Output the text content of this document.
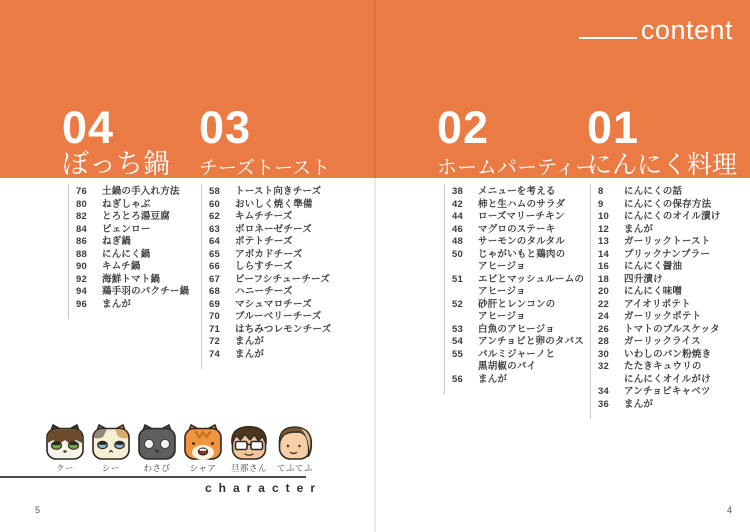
content
04
ぼっち鍋
03
チーズトースト
02
ホームパーティー
01
にんにく料理
76	土鍋の手入れ方法
80	ねぎしゃぶ
82	とろとろ湯豆腐
84	ピェンロー
86	ねぎ鍋
88	にんにく鍋
90	キムチ鍋
92	海鮮トマト鍋
94	鶏手羽のパクチー鍋
96	まんが
58	トースト向きチーズ
60	おいしく焼く準備
62	キムチチーズ
63	ボロネーゼチーズ
64	ポテトチーズ
65	アボカドチーズ
66	しらすチーズ
67	ビーフシチューチーズ
68	ハニーチーズ
69	マシュマロチーズ
70	ブルーベリーチーズ
71	はちみつレモンチーズ
72	まんが
74	まんが
38	メニューを考える
42	柿と生ハムのサラダ
44	ローズマリーチキン
46	マグロのステーキ
48	サーモンのタルタル
50	じゃがいもと鶏肉の
アヒージョ
51	エビとマッシュルームの
アヒージョ
52	砂肝とレンコンの
アヒージョ
53	白魚のアヒージョ
54	アンチョビと卵のタパス
55	パルミジャーノと
黒胡椒のパイ
56	まんが
8	にんにくの話
9	にんにくの保存方法
10	にんにくのオイル漬け
12	まんが
13	ガーリックトースト
14	プリックナンプラー
16	にんにく醤油
18	四升漬け
20	にんにく味噌
22	アイオリポテト
24	ガーリックポテト
26	トマトのブルスケッタ
28	ガーリックライス
30	いわしのパン粉焼き
32	たたきキュウリの
にんにくオイルがけ
34	アンチョビキャベツ
36	まんが
クー	シー	わさび	シャア	旦那さん てふてふ
character
5	4
